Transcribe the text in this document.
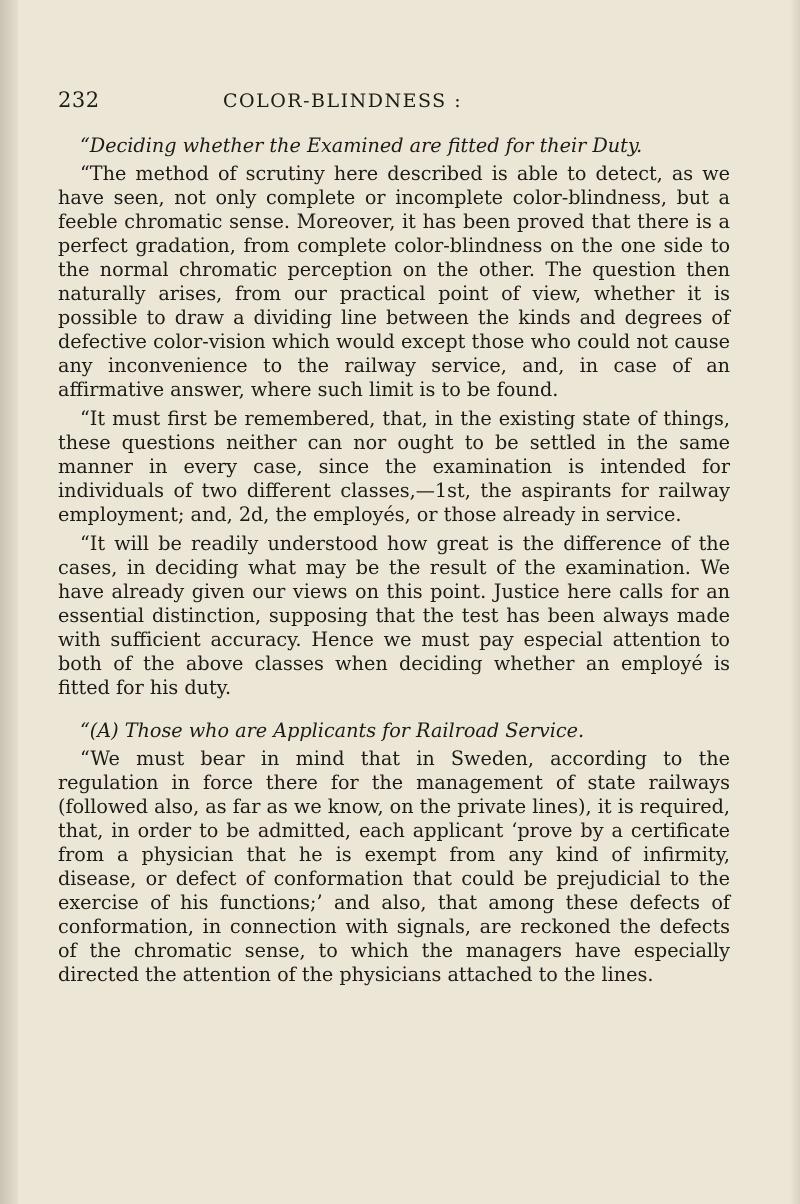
232	COLOR-BLINDNESS :

“Deciding whether the Examined are fitted for their Duty.

“The method of scrutiny here described is able to detect, as we have seen, not only complete or incomplete color-blindness, but a feeble chromatic sense. Moreover, it has been proved that there is a perfect gradation, from complete color-blindness on the one side to the normal chromatic perception on the other. The question then naturally arises, from our practical point of view, whether it is possible to draw a dividing line between the kinds and degrees of defective color-vision which would except those who could not cause any inconvenience to the railway service, and, in case of an affirmative answer, where such limit is to be found.

“It must first be remembered, that, in the existing state of things, these questions neither can nor ought to be settled in the same manner in every case, since the examination is intended for individuals of two different classes,—1st, the aspirants for railway employment; and, 2d, the employés, or those already in service.

“It will be readily understood how great is the difference of the cases, in deciding what may be the result of the examination. We have already given our views on this point. Justice here calls for an essential distinction, supposing that the test has been always made with sufficient accuracy. Hence we must pay especial attention to both of the above classes when deciding whether an employé is fitted for his duty.

“(A) Those who are Applicants for Railroad Service.

“We must bear in mind that in Sweden, according to the regulation in force there for the management of state railways (followed also, as far as we know, on the private lines), it is required, that, in order to be admitted, each applicant ‘prove by a certificate from a physician that he is exempt from any kind of infirmity, disease, or defect of conformation that could be prejudicial to the exercise of his functions;’ and also, that among these defects of conformation, in connection with signals, are reckoned the defects of the chromatic sense, to which the managers have especially directed the attention of the physicians attached to the lines.
